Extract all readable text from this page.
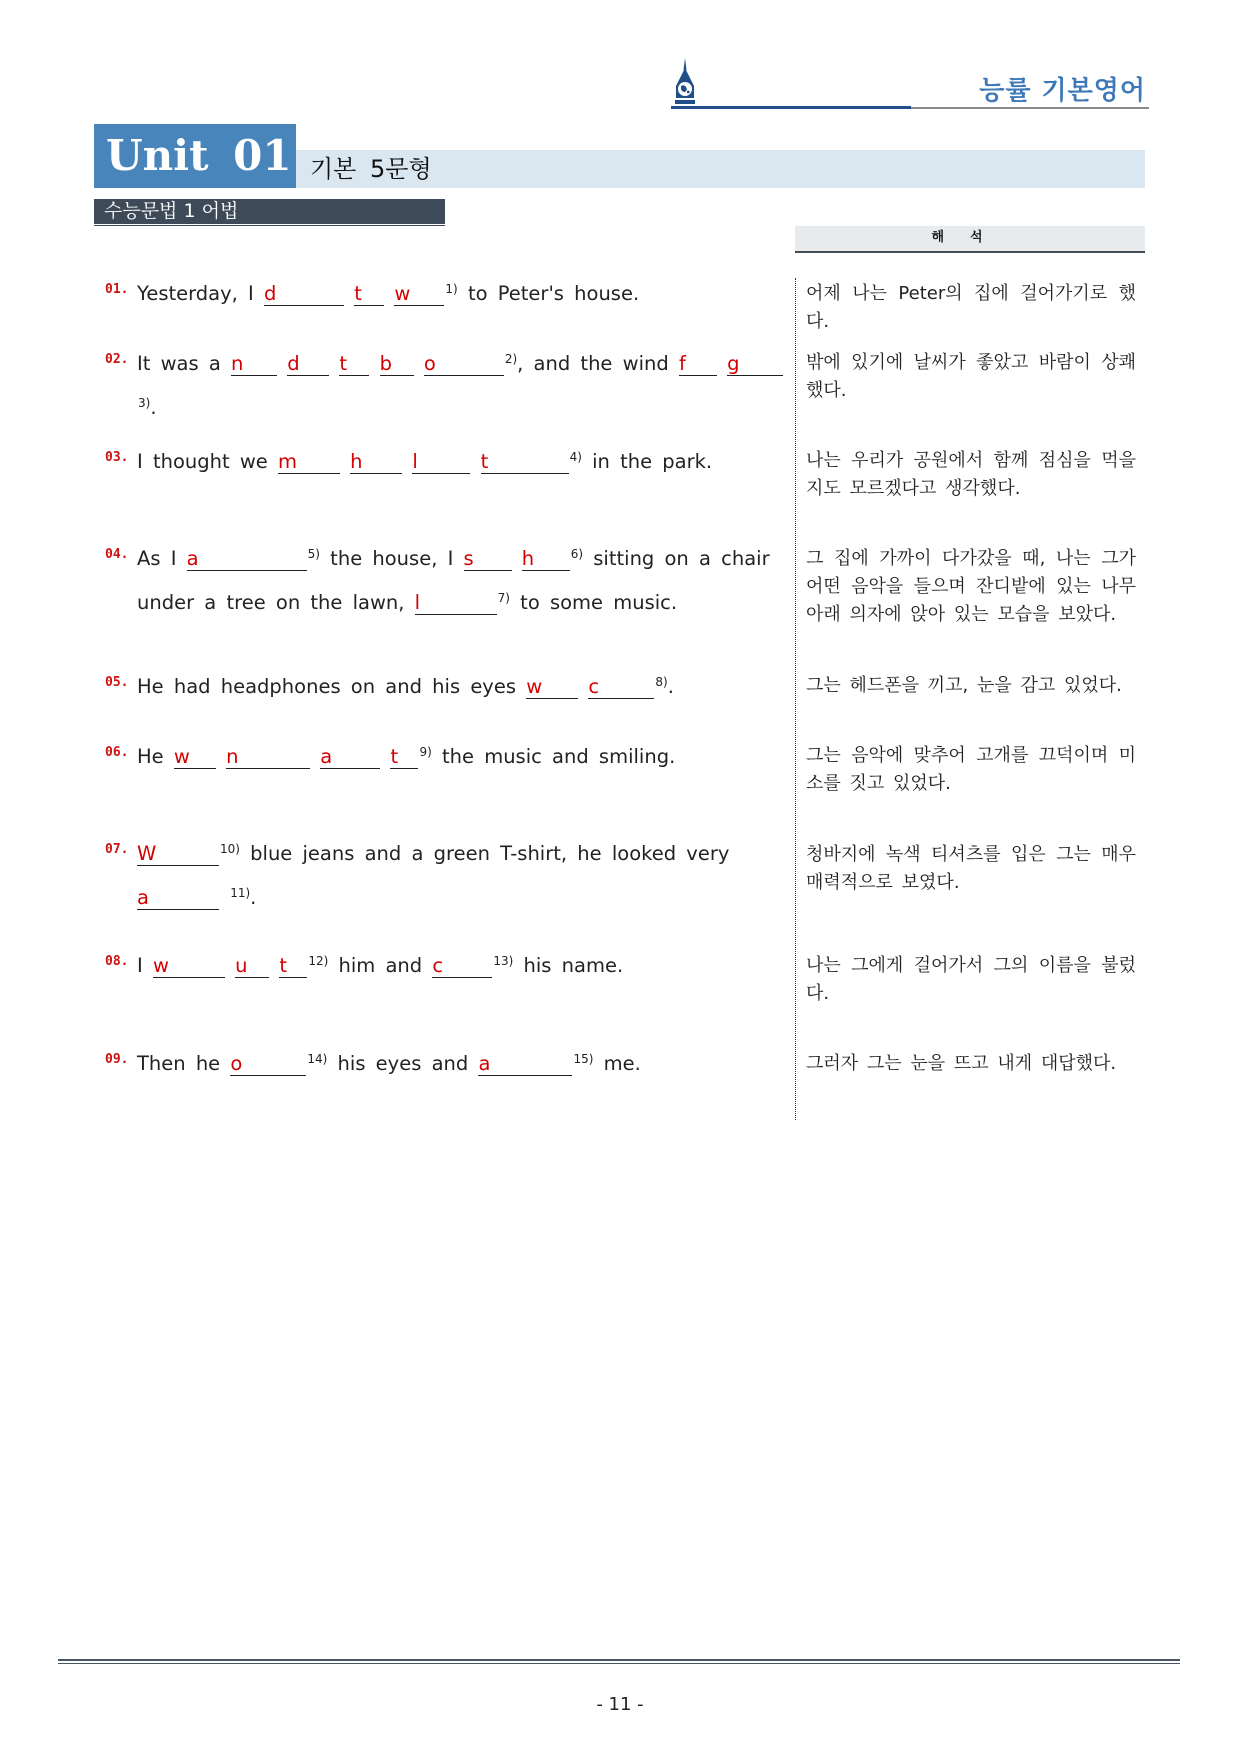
능률 기본영어
Unit 01 기본 5문형
수능문법 1 어법
해석
01. Yesterday, I d	t w	$^{1)}$ to Peter's house.	어제 나는 Peter의 집에 걸어가기로 했다.
02. It was a n d t b o	$^{2)}$, and the wind f $g^{3)}$.
밖에 있기에 날씨가 좋았고 바람이 상쾌했다.
03. I thought we m	h	l	t	$^{4)}$ in the park.	나는 우리가 공원에서 함께 점심을 먹을지도 모르겠다고 생각했다.
04. As I a	$^{5)}$ the house, I s h	$^{6)}$ sitting on a chair under a tree on the lawn, l	$^{7)}$ to some music.
그 집에 가까이 다가갔을 때, 나는 그가 어떤 음악을 들으며 잔디밭에 있는 나무 아래 의자에 앉아 있는 모습을 보았다.
05. He had headphones on and his eyes w c	$^{8)}$.	그는 헤드폰을 끼고, 눈을 감고 있었다.
06. He w n	a	t $^{9)}$ the music and smiling.	그는 음악에 맞추어 고개를 끄덕이며 미소를 짓고 있었다.
07. W	$^{10)}$ blue jeans and a green T-shirt, he looked very a	$^{11)}$.
청바지에 녹색 티셔츠를 입은 그는 매우 매력적으로 보였다.
08. I w	u t $^{12)}$ him and c	$^{13)}$ his name.	나는 그에게 걸어가서 그의 이름을 불렀다.
09. Then he o	$^{14)}$ his eyes and a	$^{15)}$ me.	그러자 그는 눈을 뜨고 내게 대답했다.
- 11 -
